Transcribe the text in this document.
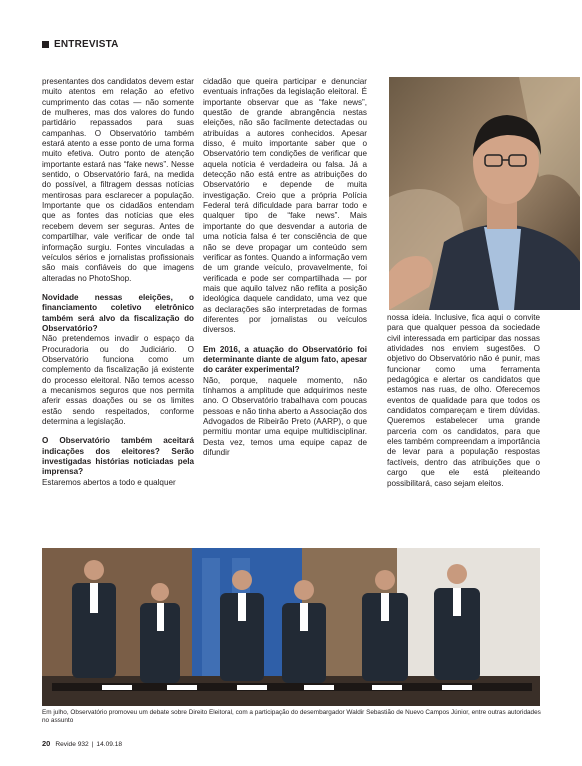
ENTREVISTA

presentantes dos candidatos devem estar muito atentos em relação ao efetivo cumprimento das cotas — não somente de mulheres, mas dos valores do fundo partidário repassados para suas campanhas. O Observatório também estará atento a esse ponto de uma forma muito efetiva. Outro ponto de atenção importante estará nas “fake news”. Nesse sentido, o Observatório fará, na medida do possível, a filtragem dessas notícias mentirosas para esclarecer a população. Importante que os cidadãos entendam que as fontes das notícias que eles recebem devem ser seguras. Antes de compartilhar, vale verificar de onde tal informação surgiu. Fontes vinculadas a veículos sérios e jornalistas profissionais são mais confiáveis do que imagens alteradas no PhotoShop.

Novidade nessas eleições, o financiamento coletivo eletrônico também será alvo da fiscalização do Observatório?

Não pretendemos invadir o espaço da Procuradoria ou do Judiciário. O Observatório funciona como um complemento da fiscalização já existente do processo eleitoral. Não temos acesso a mecanismos seguros que nos permita aferir essas doações ou se os limites estão sendo respeitados, conforme determina a legislação.

O Observatório também aceitará indicações dos eleitores? Serão investigadas histórias noticiadas pela imprensa?

Estaremos abertos a todo e qualquer

cidadão que queira participar e denunciar eventuais infrações da legislação eleitoral. É importante observar que as “fake news”, questão de grande abrangência nestas eleições, não são facilmente detectadas ou atribuídas a autores conhecidos. Apesar disso, é muito importante saber que o Observatório tem condições de verificar que aquela notícia é verdadeira ou falsa. Já a detecção não está entre as atribuições do Observatório e depende de muita investigação. Creio que a própria Polícia Federal terá dificuldade para barrar todo e qualquer tipo de “fake news”. Mais importante do que desvendar a autoria de uma notícia falsa é ter consciência de que não se deve propagar um conteúdo sem verificar as fontes. Quando a informação vem de um grande veículo, provavelmente, foi verificada e pode ser compartilhada — por mais que aquilo talvez não reflita a posição ideológica daquele candidato, uma vez que as declarações são interpretadas de formas diferentes por jornalistas ou veículos diversos.

Em 2016, a atuação do Observatório foi determinante diante de algum fato, apesar do caráter experimental?

Não, porque, naquele momento, não tínhamos a amplitude que adquirimos neste ano. O Observatório trabalhava com poucas pessoas e não tinha aberto a Associação dos Advogados de Ribeirão Preto (AARP), o que permitiu montar uma equipe multidisciplinar. Desta vez, temos uma equipe capaz de difundir

nossa ideia. Inclusive, fica aqui o convite para que qualquer pessoa da sociedade civil interessada em participar das nossas atividades nos enviem sugestões. O objetivo do Observatório não é punir, mas funcionar como uma ferramenta pedagógica e alertar os candidatos que estamos nas ruas, de olho. Oferecemos eventos de qualidade para que todos os candidatos compareçam e tirem dúvidas. Queremos estabelecer uma grande parceria com os candidatos, para que eles também compreendam a importância de levar para a população respostas factíveis, dentro das atribuições que o cargo que ele está pleiteando possibilitará, caso sejam eleitos.

Em julho, Observatório promoveu um debate sobre Direito Eleitoral, com a participação do desembargador Waldir Sebastião de Nuevo Campos Júnior, entre outras autoridades no assunto
20 Revide 932 | 14.09.18
